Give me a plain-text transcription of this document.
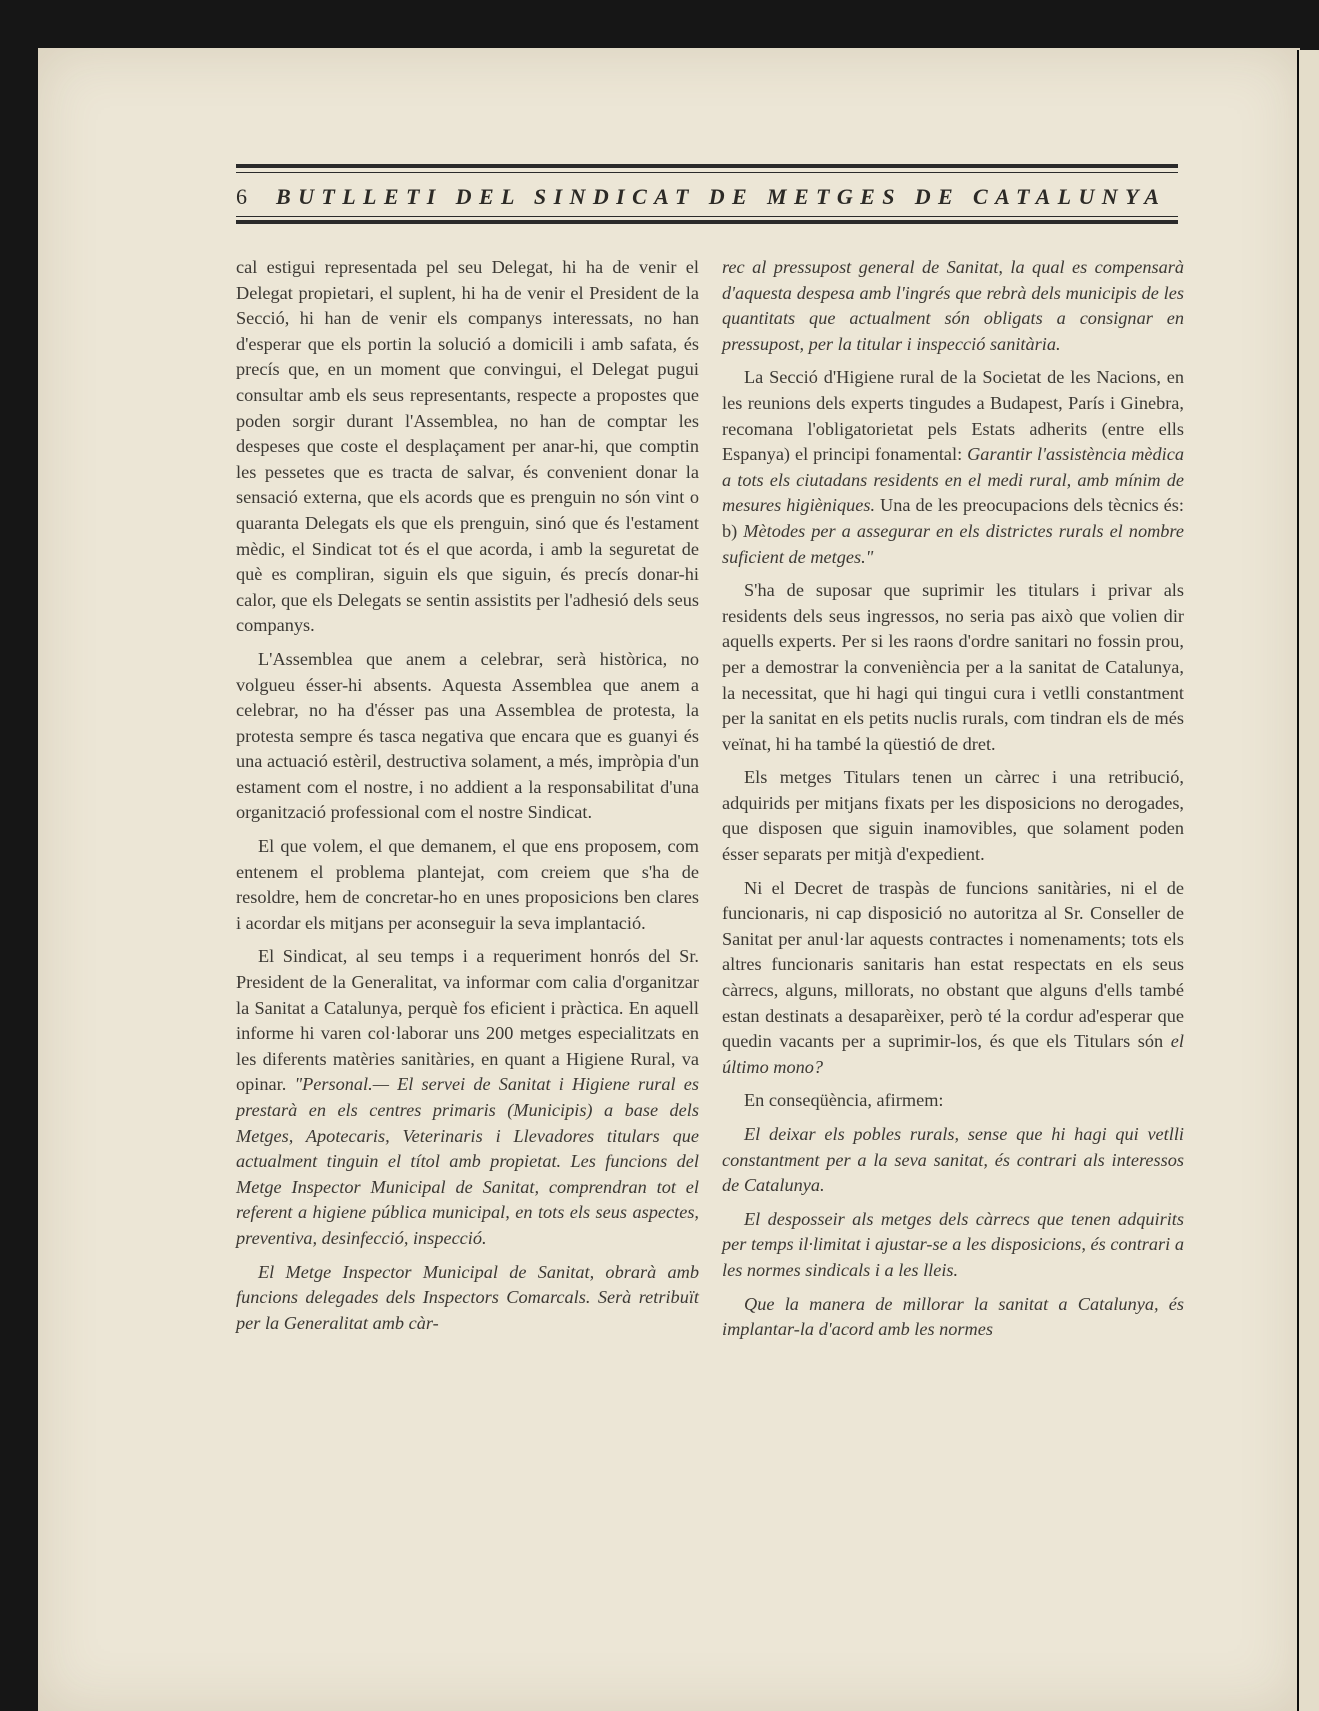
6	BUTLLETI DEL SINDICAT DE METGES DE CATALUNYA

cal estigui representada pel seu Delegat, hi ha de venir el Delegat propietari, el suplent, hi ha de venir el President de la Secció, hi han de venir els companys interessats, no han d'esperar que els portin la solució a domicili i amb safata, és precís que, en un moment que convingui, el Delegat pugui consultar amb els seus representants, respecte a propostes que poden sorgir durant l'Assemblea, no han de comptar les despeses que coste el desplaçament per anar-hi, que comptin les pessetes que es tracta de salvar, és convenient donar la sensació externa, que els acords que es prenguin no són vint o quaranta Delegats els que els prenguin, sinó que és l'estament mèdic, el Sindicat tot és el que acorda, i amb la seguretat de què es compliran, siguin els que siguin, és precís donar-hi calor, que els Delegats se sentin assistits per l'adhesió dels seus companys.

L'Assemblea que anem a celebrar, serà històrica, no volgueu ésser-hi absents. Aquesta Assemblea que anem a celebrar, no ha d'ésser pas una Assemblea de protesta, la protesta sempre és tasca negativa que encara que es guanyi és una actuació estèril, destructiva solament, a més, impròpia d'un estament com el nostre, i no addient a la responsabilitat d'una organització professional com el nostre Sindicat.

El que volem, el que demanem, el que ens proposem, com entenem el problema plantejat, com creiem que s'ha de resoldre, hem de concretar-ho en unes proposicions ben clares i acordar els mitjans per aconseguir la seva implantació.

El Sindicat, al seu temps i a requeriment honrós del Sr. President de la Generalitat, va informar com calia d'organitzar la Sanitat a Catalunya, perquè fos eficient i pràctica. En aquell informe hi varen col·laborar uns 200 metges especialitzats en les diferents matèries sanitàries, en quant a Higiene Rural, va opinar. "Personal.— El servei de Sanitat i Higiene rural es prestarà en els centres primaris (Municipis) a base dels Metges, Apotecaris, Veterinaris i Llevadores titulars que actualment tinguin el títol amb propietat. Les funcions del Metge Inspector Municipal de Sanitat, comprendran tot el referent a higiene pública municipal, en tots els seus aspectes, preventiva, desinfecció, inspecció.

El Metge Inspector Municipal de Sanitat, obrarà amb funcions delegades dels Inspectors Comarcals. Serà retribuït per la Generalitat amb càr-

rec al pressupost general de Sanitat, la qual es compensarà d'aquesta despesa amb l'ingrés que rebrà dels municipis de les quantitats que actualment són obligats a consignar en pressupost, per la titular i inspecció sanitària.

La Secció d'Higiene rural de la Societat de les Nacions, en les reunions dels experts tingudes a Budapest, París i Ginebra, recomana l'obligatorietat pels Estats adherits (entre ells Espanya) el principi fonamental: Garantir l'assistència mèdica a tots els ciutadans residents en el medi rural, amb mínim de mesures higièniques. Una de les preocupacions dels tècnics és: b) Mètodes per a assegurar en els districtes rurals el nombre suficient de metges."

S'ha de suposar que suprimir les titulars i privar als residents dels seus ingressos, no seria pas això que volien dir aquells experts. Per si les raons d'ordre sanitari no fossin prou, per a demostrar la conveniència per a la sanitat de Catalunya, la necessitat, que hi hagi qui tingui cura i vetlli constantment per la sanitat en els petits nuclis rurals, com tindran els de més veïnat, hi ha també la qüestió de dret.

Els metges Titulars tenen un càrrec i una retribució, adquirids per mitjans fixats per les disposicions no derogades, que disposen que siguin inamovibles, que solament poden ésser separats per mitjà d'expedient.

Ni el Decret de traspàs de funcions sanitàries, ni el de funcionaris, ni cap disposició no autoritza al Sr. Conseller de Sanitat per anul·lar aquests contractes i nomenaments; tots els altres funcionaris sanitaris han estat respectats en els seus càrrecs, alguns, millorats, no obstant que alguns d'ells també estan destinats a desaparèixer, però té la cordur ad'esperar que quedin vacants per a suprimir-los, és que els Titulars són el último mono?

En conseqüència, afirmem:

El deixar els pobles rurals, sense que hi hagi qui vetlli constantment per a la seva sanitat, és contrari als interessos de Catalunya.

El desposseir als metges dels càrrecs que tenen adquirits per temps il·limitat i ajustar-se a les disposicions, és contrari a les normes sindicals i a les lleis.

Que la manera de millorar la sanitat a Catalunya, és implantar-la d'acord amb les normes
